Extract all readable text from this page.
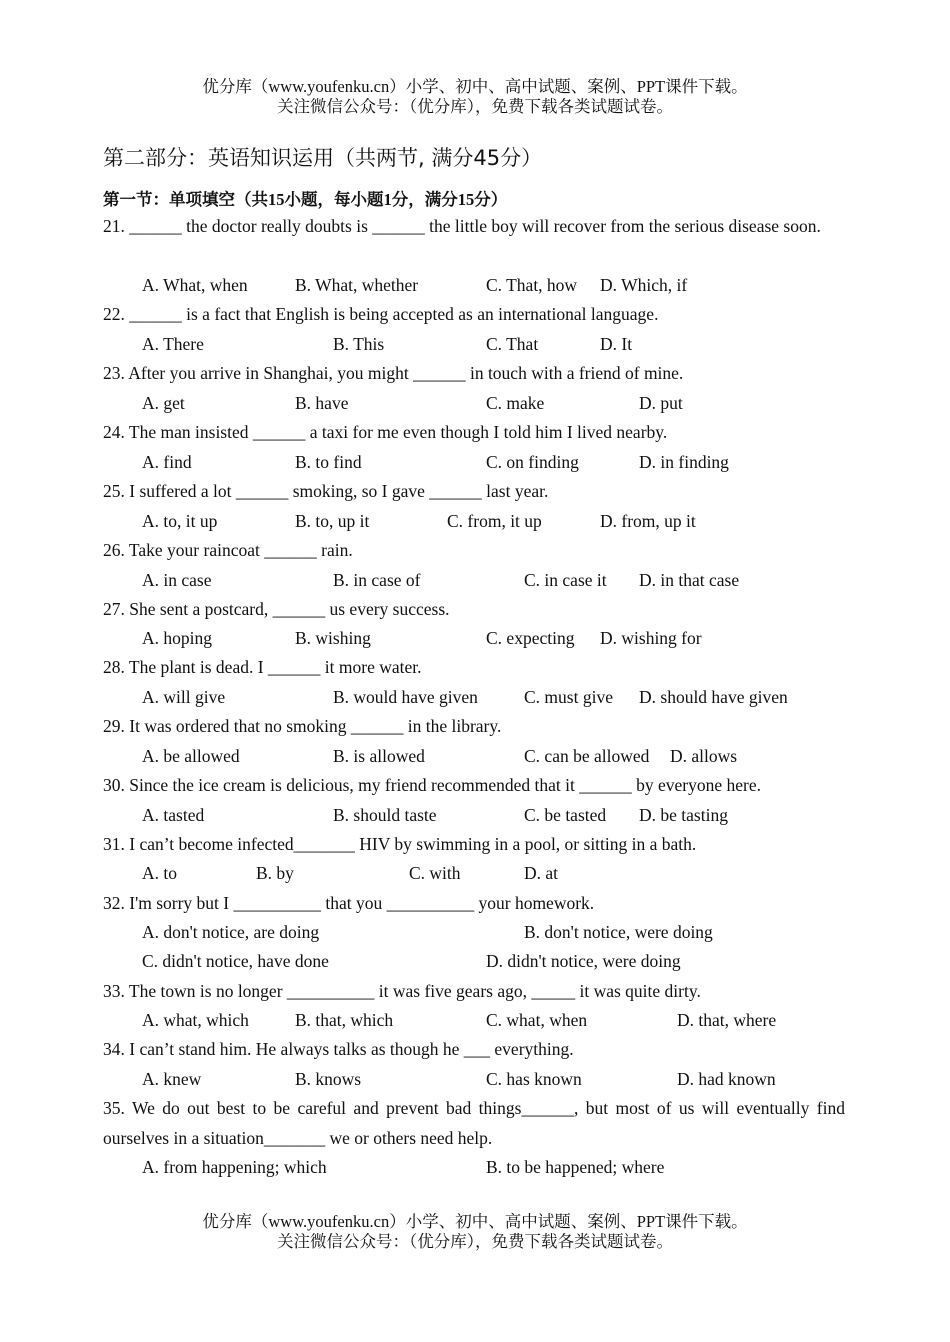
优分库（www.youfenku.cn）小学、初中、高中试题、案例、PPT课件下载。
关注微信公众号：（优分库），免费下载各类试题试卷。
第二部分：英语知识运用（共两节, 满分45分）
第一节：单项填空（共15小题，每小题1分，满分15分）
21. ______ the doctor really doubts is ______ the little boy will recover from the serious disease soon.
A. What, when	B. What, whether	C. That, how D. Which, if
22. ______ is a fact that English is being accepted as an international language.
A. There	B. This	C. That	D. It
23. After you arrive in Shanghai, you might ______ in touch with a friend of mine.
A. get	B. have	C. make	D. put
24. The man insisted ______ a taxi for me even though I told him I lived nearby.
A. find	B. to find	C. on finding	D. in finding
25. I suffered a lot ______ smoking, so I gave ______ last year.
A. to, it up	B. to, up it	C. from, it up	D. from, up it
26. Take your raincoat ______ rain.
A. in case	B. in case of	C. in case it D. in that case
27. She sent a postcard, ______ us every success.
A. hoping	B. wishing	C. expecting D. wishing for
28. The plant is dead. I ______ it more water.
A. will give	B. would have given	C. must give D. should have given
29. It was ordered that no smoking ______ in the library.
A. be allowed	B. is allowed	C. can be allowed D. allows
30. Since the ice cream is delicious, my friend recommended that it ______ by everyone here.
A. tasted	B. should taste	C. be tasted D. be tasting
31. I can’t become infected_______ HIV by swimming in a pool, or sitting in a bath.
A. to	B. by	C. with	D. at
32. I'm sorry but I __________ that you __________ your homework.
A. don't notice, are doing	B. don't notice, were doing
C. didn't notice, have done	D. didn't notice, were doing
33. The town is no longer __________ it was five gears ago, _____ it was quite dirty.
A. what, which	B. that, which	C. what, when	D. that, where
34. I can’t stand him. He always talks as though he ___ everything.
A. knew	B. knows	C. has known	D. had known
35. We do out best to be careful and prevent bad things______, but most of us will eventually find ourselves in a situation_______ we or others need help.
A. from happening; which	B. to be happened; where
优分库（www.youfenku.cn）小学、初中、高中试题、案例、PPT课件下载。
关注微信公众号：（优分库），免费下载各类试题试卷。
